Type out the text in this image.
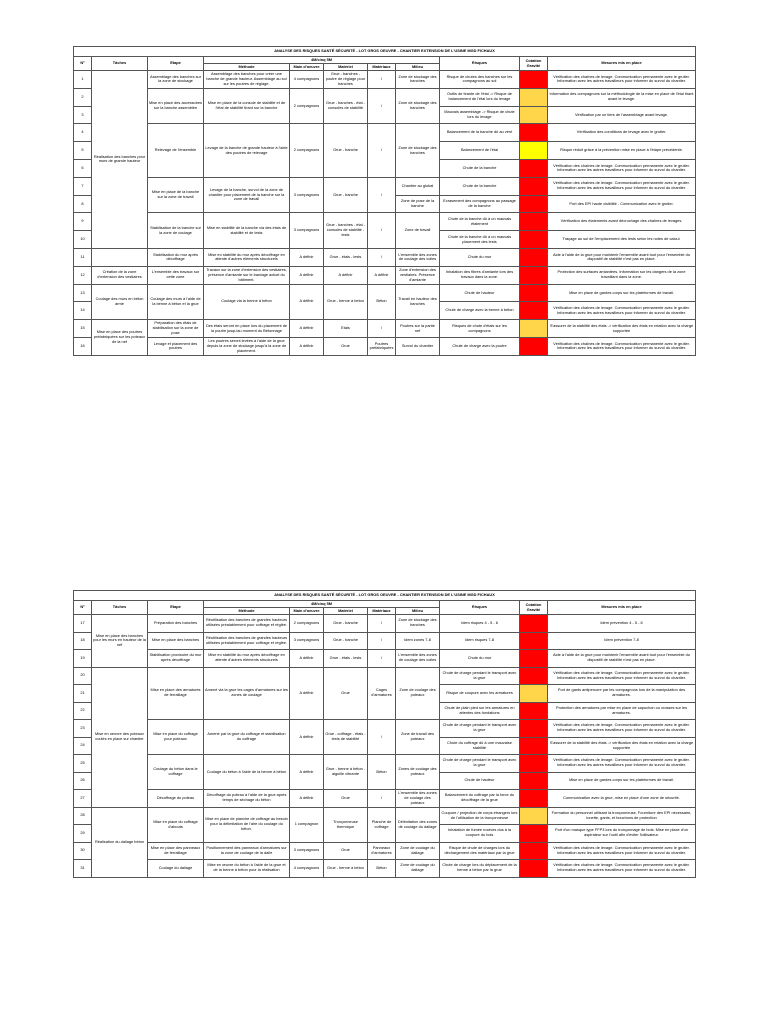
ANALYSE DES RISQUES SANTÉ SÉCURITÉ - LOT GROS OEUVRE - CHANTIER EXTENSION DE L'USINE MGD FICHAUX										
N°	Tâches	Etape	4M/cinq 5M					Risques	Cotation Gravité	Mesures mis en place
			Méthode	Main d'oeuvre	Matériel	Matériaux	Milieu			

1	Réalisation des banches pour murs de grande hauteur	Assemblage des banches sur la zone de stockage	Assemblage des banches pour créer une banche de grande hauteur. Assemblage au sol sur les poutres de réglage.	4 compagnons	Grue - banches - poutre de réglage pour banches	/	Zone de stockage des banches	Risque de chutes des banches sur les compagnons au sol		Vérification des chaînes de levage. Communication permanente avec le grutier. Information avec les autres travailleurs pour informer du survol du chantier.
2		Mise en place des accessoires sur la banche assemblée	Mise en place de la console de stabilité et de l'étai de stabilité tirant sur la banche	2 compagnons	Grue - banches - étai - consoles de stabilité	/	Zone de stockage des banches	Outils de tirante de l'étai -> Risque de balancement de l'étai lors du levage		Information des compagnons sur la méthodologie de la mise en place de l'étai tirant avant le levage.
3								Mauvais assemblage -> Risque de chute lors du levage		Vérification par un tiers de l'assemblage avant levage.
4		Relevage de l'ensemble	Levage de la banche de grande hauteur à l'aide des poutres de relevage	2 compagnons	Grue - banche	/	Zone de stockage des banches	Balancement de la banche dû au vent		Vérification des conditions de levage avec le grutier.
5								Balancement de l'étai		Risque réduit grâce à la prévention mise en place à l'étape précédente.
6								Chute de la banche		Vérification des chaînes de levage. Communication permanente avec le grutier. Information avec les autres travailleurs pour informer du survol du chantier.
7		Mise en place de la banche sur la zone de travail	Levage de la banche, survol de la zone de chantier pour placement de la banche sur la zone de travail	3 compagnons	Grue - banche	/	Chantier au global	Chute de la banche		Vérification des chaînes de levage. Communication permanente avec le grutier. Information avec les autres travailleurs pour informer du survol du chantier.
8							Zone de pose de la banche	Ecrasement des compagnons au passage de la banche		Port des EPI haute visibilité - Communication avec le grutier.
9		Stabilisation de la banche sur la zone de coulage	Mise en stabilité de la banche via des étais de stabilité et de lests	3 compagnons	Grue - banches - étai - consoles de stabilité - lests	/	Zone de travail	Chute de la banche dû à un mauvais étaiement		Vérification des étaiements avant décrochage des chaînes de levages.
10								Chute de la banche dû à un mauvais placement des lests		Traçage au sol de l'emplacement des lests selon les notes de calcul.
11		Stabilisation du mur après décoffrage	Mise en stabilité du mur après décoffrage en attente d'autres éléments structurels	A définir	Grue - étais - lests	/	L'ensemble des zones de coulage des voiles	Chute du mur		Aide à l'aide de la grue pour maintenir l'ensemble avant tout pour l'ensemble du dispositif de stabilité n'est pas en place.
12	Création de la zone d'extension des vestiaires	L'ensemble des travaux sur cette zone	Travaux sur la zone d'extension des vestiaires, présence d'amiante sur le bardage actuel du bâtiment.	A définir	A définir	A définir	Zone d'extension des vestiaires. Présence d'amiante	Inhalation des fibres d'amiante lors des travaux dans la zone.		Protection des surfaces amiantées. Information sur les dangers de la zone travaillant dans la zone.
13	Coulage des murs en béton armé	Coulage des murs à l'aide de la benne à béton et la grue	Coulage via la benne à béton	A définir	Grue - benne à béton	Béton	Travail en hauteur des banches	Chute de hauteur		Mise en place de gardes corps sur les plateformes de travail.
14								Chute de charge avec la benne à béton		Vérification des chaînes de levage. Communication permanente avec le grutier. Information avec les autres travailleurs pour informer du survol du chantier.
15	Mise en place des poutres préfabriquées sur les poteaux de la nef	Préparation des étais de stabilisation sur la zone de pose	Des étais seront en place lors du placement de la poutre jusqu'au moment du Bétonnage	A définir	Etais	/	Poutres sur la partie nef	Risques de chute d'étais sur les compagnons		S'assurer de la stabilité des étais -> vérification des étais en relation avec la charge supportée
16		Levage et placement des poutres	Les poutres seront levées à l'aide de la grue depuis la zone de stockage jusqu'à la zone de placement.	A définir	Grue	Poutres préfabriquées	Survol du chantier	Chute de charge avec la poutre		Vérification des chaînes de levage. Communication permanente avec le grutier. Information avec les autres travailleurs pour informer du survol du chantier.
ANALYSE DES RISQUES SANTÉ SÉCURITÉ - LOT GROS OEUVRE - CHANTIER EXTENSION DE L'USINE MGD FICHAUX										
N°	Tâches	Etape	4M/cinq 5M					Risques	Cotation Gravité	Mesures mis en place
			Méthode	Main d'oeuvre	Matériel	Matériaux	Milieu			

17	Mise en place des banches pour les murs en hauteur de la nef	Préparation des banches	Réutilisation des banches de grandes hauteurs utilisées préalablement pour coffrage et réglée.	2 compagnons	Grue - banche	/	Zone de stockage des banches	Idem risques 4 - 5 - 6		Idem prévention 4 - 5 - 6
18		Mise en place des banches	Réutilisation des banches de grandes hauteurs utilisées préalablement pour coffrage et réglée.	3 compagnons	Grue - banche	/	Idem zones 7-8	Idem risques 7-8		Idem prévention 7-8
19		Stabilisation provisoire du mur après décoffrage	Mise en stabilité du mur après décoffrage en attente d'autres éléments structurels	A définir	Grue - étais - lests	/	L'ensemble des zones de coulage des voiles	Chute du mur		Aide à l'aide de la grue pour maintenir l'ensemble avant tout pour l'ensemble du dispositif de stabilité n'est pas en place.
20	Mise en oeuvre des poteaux coulés en place sur chantier	Mise en place des armatures de ferraillage	Amené via la grue les cages d'armatures sur les zones de coulage	A définir	Grue	Cages d'armatures	Zone de coulage des poteaux	Chute de charge pendant le transport avec la grue		Vérification des chaînes de levage. Communication permanente avec le grutier. Information avec les autres travailleurs pour informer du survol du chantier.
21								Risque de coupure avec les armatures		Port de gants antipercure par les compagnons lors de la manipulation des armatures.
22								Chute de plain pied sur les armatures en attentes des fondations		Protection des armatures par mise en place de capuchon ou crosses sur les armatures.
23		Mise en place du coffrage pour poteaux	Amené par la grue du coffrage et stabilisation du coffrage	A définir	Grue - coffrage - étais - lests de stabilité	/	Zone de travail des poteaux	Chute de charge pendant le transport avec la grue		Vérification des chaînes de levage. Communication permanente avec le grutier. Information avec les autres travailleurs pour informer du survol du chantier.
24								Chute du coffrage dû à une mauvaise stabilité		S'assurer de la stabilité des étais -> vérification des étais en relation avec la charge supportée
25		Coulage du béton dans le coffrage	Coulage du béton à l'aide de la benne à béton	A définir	Grue - benne à béton - aiguille vibrante	Béton	Zones de coulage des poteaux	Chute de charge pendant le transport avec la grue		Vérification des chaînes de levage. Communication permanente avec le grutier. Information avec les autres travailleurs pour informer du survol du chantier.
26								Chute de hauteur		Mise en place de gardes corps sur les plateformes de travail.
27		Décoffrage du poteau	Décoffrage du poteau à l'aide de la grue après temps de séchage du béton	A définir	Grue	/	L'ensemble des zones de coulage des poteaux	Balancement du coffrage par la force du décoffrage de la grue		Communication avec la grue, mise en place d'une zone de sécurité.
28	Réalisation du dallage béton	Mise en place du coffrage d'abouts	Mise en place de planche de coffrage au besoin pour la délimitation de l'aire du coulage du béton.	1 compagnon	Tronçonneuse thermique	Planche de coffrage	Délimitation des zones de coulage du dallage	Coupure / projection de corps étrangers lors de l'utilisation de la tronçonneuse		Formation du personnel utilisant la tronçonneuse. Fourniture des EPI nécessaire, lunette, gants, et bouchons de protection
29								Inhalation de fumée nocives dus à la coupure du bois		Port d'un masque type FFP3 lors du tronçonnage de bois. Mise en place d'un aspirateur sur l'outil afin d'éviter l'utilisateur.
30		Mise en place des panneaux de ferraillage	Positionnement des panneaux d'armatures sur la zone de coulage de la dalle	3 compagnons	Grue	Panneaux d'armatures	Zone de coulage du dallage	Risque de chute de charges lors du déchargement des matériaux par la grue		Vérification des chaînes de levage. Communication permanente avec le grutier. Information avec les autres travailleurs pour informer du survol du chantier.
31		Coulage du dallage	Mise en œuvre du béton à l'aide de la grue et de la benne à béton pour la réalisation	4 compagnons	Grue - benne à béton	Béton	Zone de coulage du dallage	Chute de charge lors du déplacement de la benne à béton par la grue		Vérification des chaînes de levage. Communication permanente avec le grutier. Information avec les autres travailleurs pour informer du survol du chantier.
